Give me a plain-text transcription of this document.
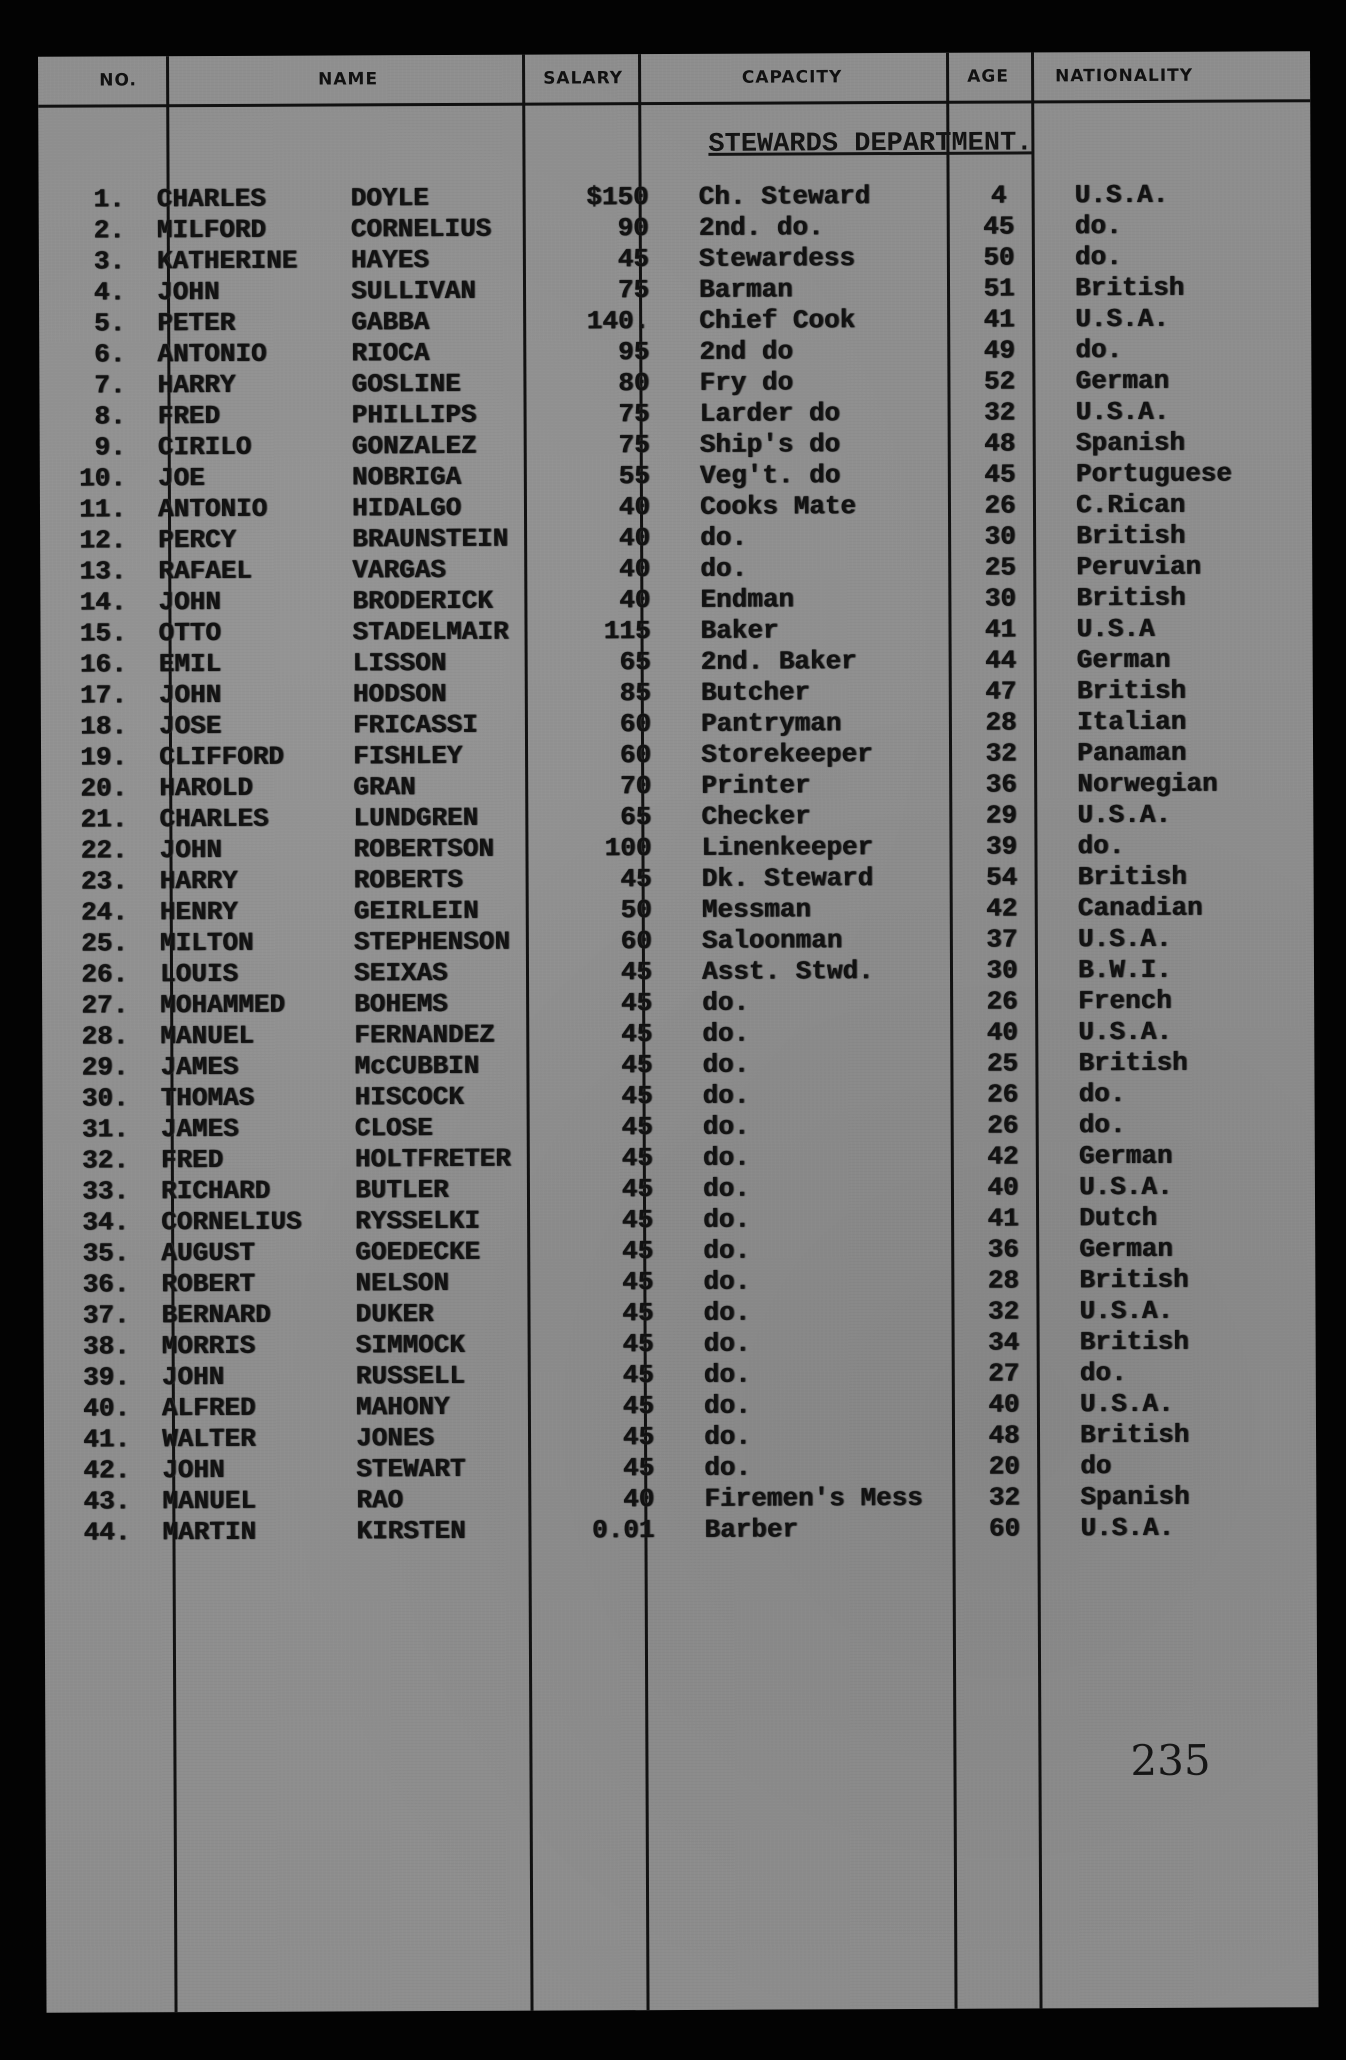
NO.	NAME	SALARY	CAPACITY	AGE	NATIONALITY
STEWARDS DEPARTMENT.
1. CHARLES	DOYLE	$150 Ch. Steward	4	U.S.A.
2. MILFORD	CORNELIUS	90 2nd. do.	45	do.
3. KATHERINE HAYES	45 Stewardess	50	do.
4. JOHN	SULLIVAN	75 Barman	51	British
5. PETER	GABBA	140. Chief Cook	41	U.S.A.
6. ANTONIO	RIOCA	95 2nd do	49	do.
7. HARRY	GOSLINE	80 Fry do	52	German
8. FRED	PHILLIPS	75 Larder do	32	U.S.A.
9. CIRILO	GONZALEZ	75 Ship's do	48	Spanish
10. JOE	NOBRIGA	55 Veg't. do	45	Portuguese
11. ANTONIO	HIDALGO	40 Cooks Mate	26	C.Rican
12. PERCY	BRAUNSTEIN	40 do.	30	British
13. RAFAEL	VARGAS	40 do.	25	Peruvian
14. JOHN	BRODERICK	40 Endman	30	British
15. OTTO	STADELMAIR	115 Baker	41	U.S.A
16. EMIL	LISSON	65 2nd. Baker	44	German
17. JOHN	HODSON	85 Butcher	47	British
18. JOSE	FRICASSI	60 Pantryman	28	Italian
19. CLIFFORD	FISHLEY	60 Storekeeper	32	Panaman
20. HAROLD	GRAN	70 Printer	36	Norwegian
21. CHARLES	LUNDGREN	65 Checker	29	U.S.A.
22. JOHN	ROBERTSON	100 Linenkeeper	39	do.
23. HARRY	ROBERTS	45 Dk. Steward	54	British
24. HENRY	GEIRLEIN	50 Messman	42	Canadian
25. MILTON	STEPHENSON	60 Saloonman	37	U.S.A.
26. LOUIS	SEIXAS	45 Asst. Stwd.	30	B.W.I.
27. MOHAMMED	BOHEMS	45 do.	26	French
28. MANUEL	FERNANDEZ	45 do.	40	U.S.A.
29. JAMES	McCUBBIN	45 do.	25	British
30. THOMAS	HISCOCK	45 do.	26	do.
31. JAMES	CLOSE	45 do.	26	do.
32. FRED	HOLTFRETER	45 do.	42	German
33. RICHARD	BUTLER	45 do.	40	U.S.A.
34. CORNELIUS RYSSELKI	45 do.	41	Dutch
35. AUGUST	GOEDECKE	45 do.	36	German
36. ROBERT	NELSON	45 do.	28	British
37. BERNARD	DUKER	45 do.	32	U.S.A.
38. MORRIS	SIMMOCK	45 do.	34	British
39. JOHN	RUSSELL	45 do.	27	do.
40. ALFRED	MAHONY	45 do.	40	U.S.A.
41. WALTER	JONES	45 do.	48	British
42. JOHN	STEWART	45 do.	20	do
43. MANUEL	RAO	40 Firemen's Mess	32	Spanish
44. MARTIN	KIRSTEN	0.01 Barber	60	U.S.A.
235
